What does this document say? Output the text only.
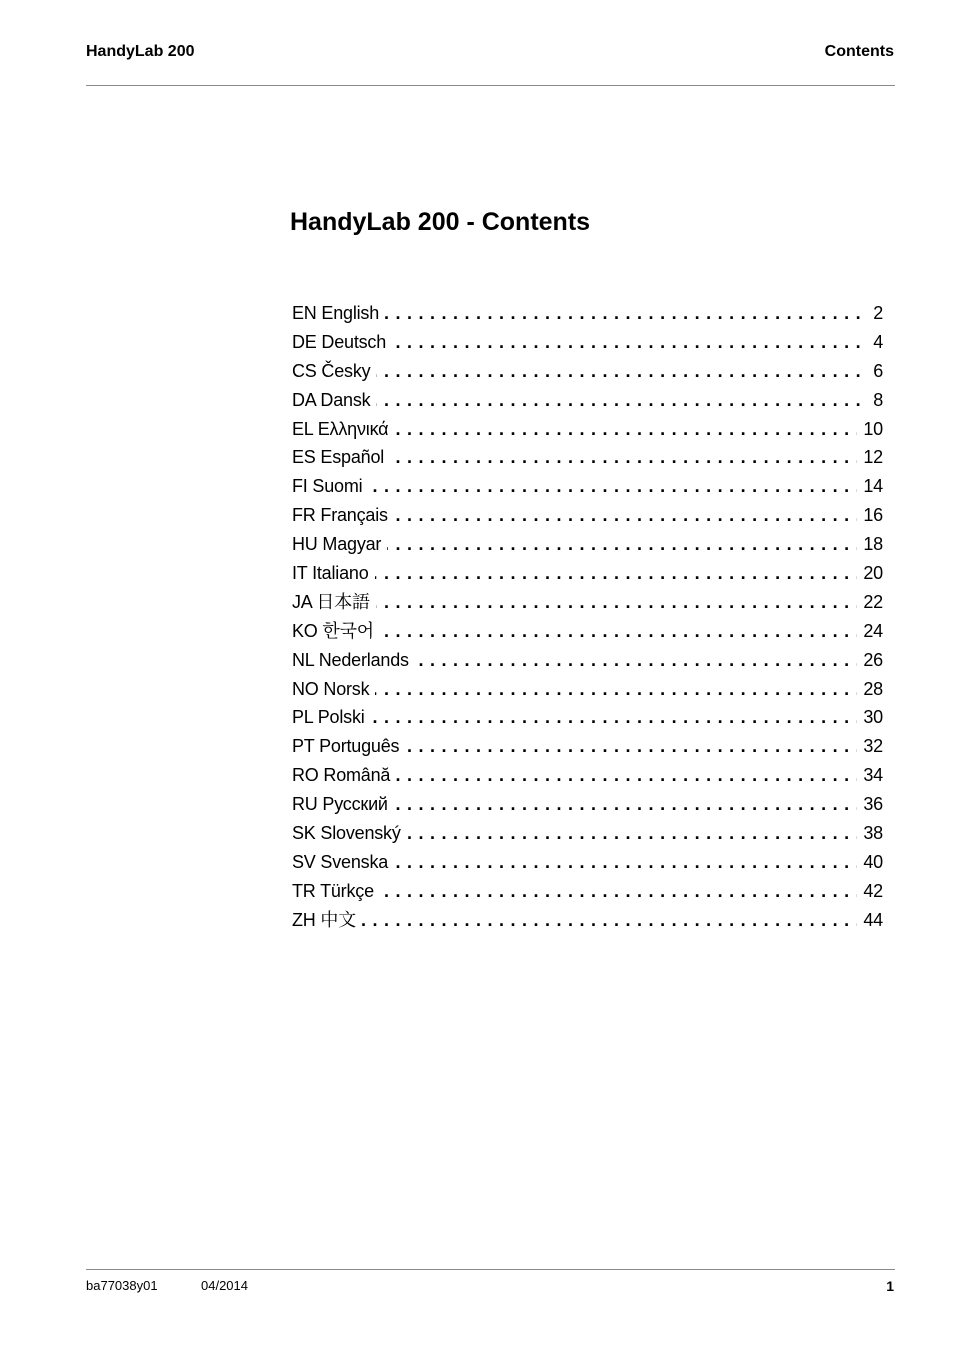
HandyLab 200	Contents
HandyLab 200 - Contents
. . .
EN English	2
. . .
DE Deutsch	4
. . .
CS Česky	6
. . .
DA Dansk	8
. . .
EL Ελληνικά	10
. . .
ES Español	12
. . .
FI Suomi	14
. . .
FR Français	16
. . .
HU Magyar	18
. . .
IT Italiano	20
. . .
JA 日本語	22
. . .
KO 한국어	24
. . .
NL Nederlands	26
. . .
NO Norsk	28
. . .
PL Polski	30
. . .
PT Português	32
. . .
RO Română	34
. . .
RU Русский	36
. . .
SK Slovenský	38
. . .
SV Svenska	40
. . .
TR Türkçe	42
. . .
ZH 中文	44
ba77038y01	04/2014	1
